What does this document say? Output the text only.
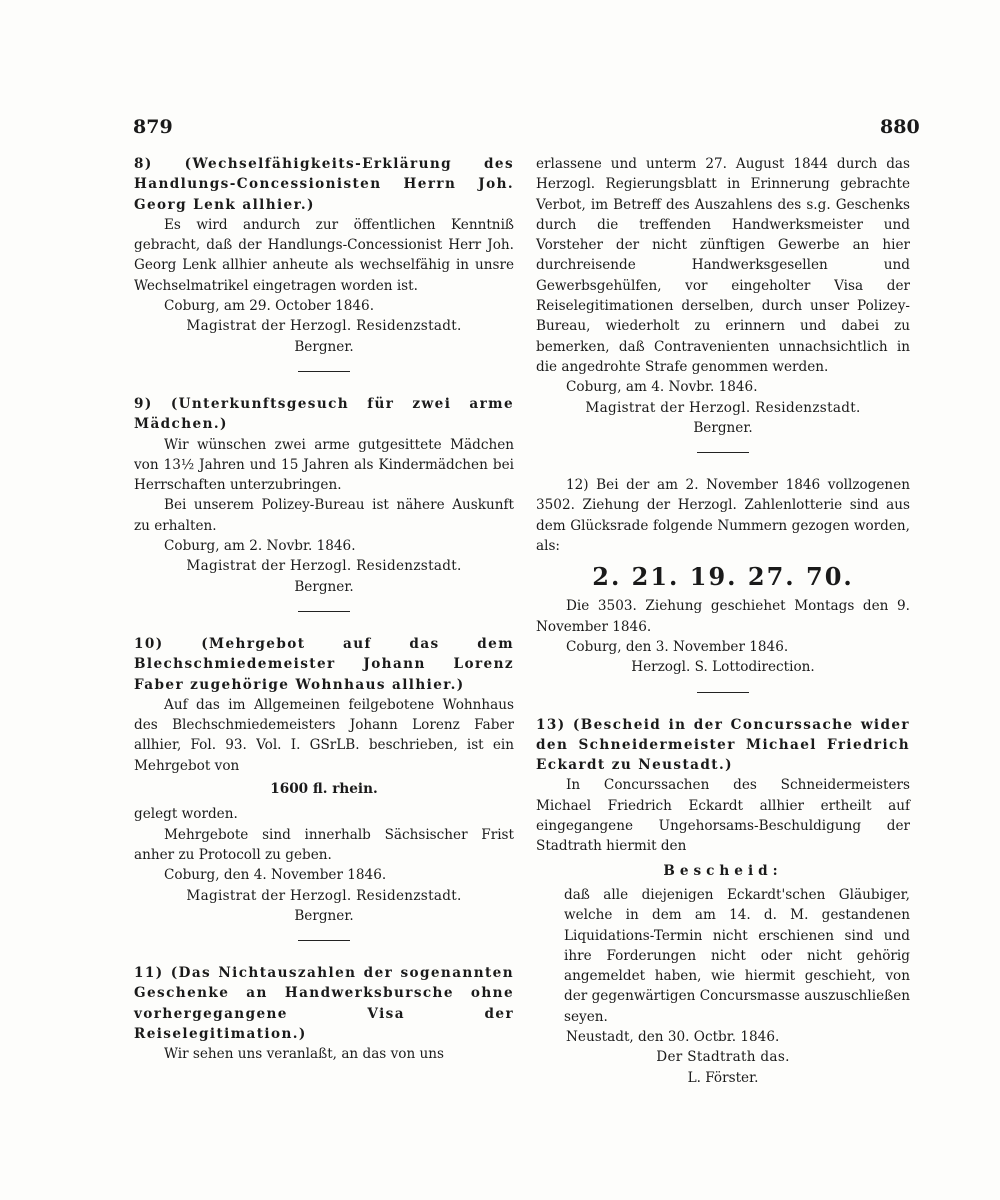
879	880
8) (Wechselfähigkeits-Erklärung des Handlungs-Concessionisten Herrn Joh. Georg Lenk allhier.)
Es wird andurch zur öffentlichen Kenntniß gebracht, daß der Handlungs-Concessionist Herr Joh. Georg Lenk allhier anheute als wechselfähig in unsre Wechselmatrikel eingetragen worden ist.
Coburg, am 29. October 1846.
Magistrat der Herzogl. Residenzstadt.
Bergner.
9) (Unterkunftsgesuch für zwei arme Mädchen.)
Wir wünschen zwei arme gutgesittete Mädchen von 13½ Jahren und 15 Jahren als Kindermädchen bei Herrschaften unterzubringen.
Bei unserem Polizey-Bureau ist nähere Auskunft zu erhalten.
Coburg, am 2. Novbr. 1846.
Magistrat der Herzogl. Residenzstadt.
Bergner.
10) (Mehrgebot auf das dem Blechschmiedemeister Johann Lorenz Faber zugehörige Wohnhaus allhier.)
Auf das im Allgemeinen feilgebotene Wohnhaus des Blechschmiedemeisters Johann Lorenz Faber allhier, Fol. 93. Vol. I. GSrLB. beschrieben, ist ein Mehrgebot von
1600 fl. rhein.
gelegt worden.
Mehrgebote sind innerhalb Sächsischer Frist anher zu Protocoll zu geben.
Coburg, den 4. November 1846.
Magistrat der Herzogl. Residenzstadt.
Bergner.
11) (Das Nichtauszahlen der sogenannten Geschenke an Handwerksbursche ohne vorhergegangene Visa der Reiselegitimation.)
Wir sehen uns veranlaßt, an das von uns
erlassene und unterm 27. August 1844 durch das Herzogl. Regierungsblatt in Erinnerung gebrachte Verbot, im Betreff des Auszahlens des s.g. Geschenks durch die treffenden Handwerksmeister und Vorsteher der nicht zünftigen Gewerbe an hier durchreisende Handwerksgesellen und Gewerbsgehülfen, vor eingeholter Visa der Reiselegitimationen derselben, durch unser Polizey-Bureau, wiederholt zu erinnern und dabei zu bemerken, daß Contravenienten unnachsichtlich in die angedrohte Strafe genommen werden.
Coburg, am 4. Novbr. 1846.
Magistrat der Herzogl. Residenzstadt.
Bergner.
12) Bei der am 2. November 1846 vollzogenen 3502. Ziehung der Herzogl. Zahlenlotterie sind aus dem Glücksrade folgende Nummern gezogen worden, als:
2. 21. 19. 27. 70.
Die 3503. Ziehung geschiehet Montags den 9. November 1846.
Coburg, den 3. November 1846.
Herzogl. S. Lottodirection.
13) (Bescheid in der Concurssache wider den Schneidermeister Michael Friedrich Eckardt zu Neustadt.)
In Concurssachen des Schneidermeisters Michael Friedrich Eckardt allhier ertheilt auf eingegangene Ungehorsams-Beschuldigung der Stadtrath hiermit den
Bescheid:
daß alle diejenigen Eckardt'schen Gläubiger, welche in dem am 14. d. M. gestandenen Liquidations-Termin nicht erschienen sind und ihre Forderungen nicht oder nicht gehörig angemeldet haben, wie hiermit geschieht, von der gegenwärtigen Concursmasse auszuschließen seyen.
Neustadt, den 30. Octbr. 1846.
Der Stadtrath das.
L. Förster.
